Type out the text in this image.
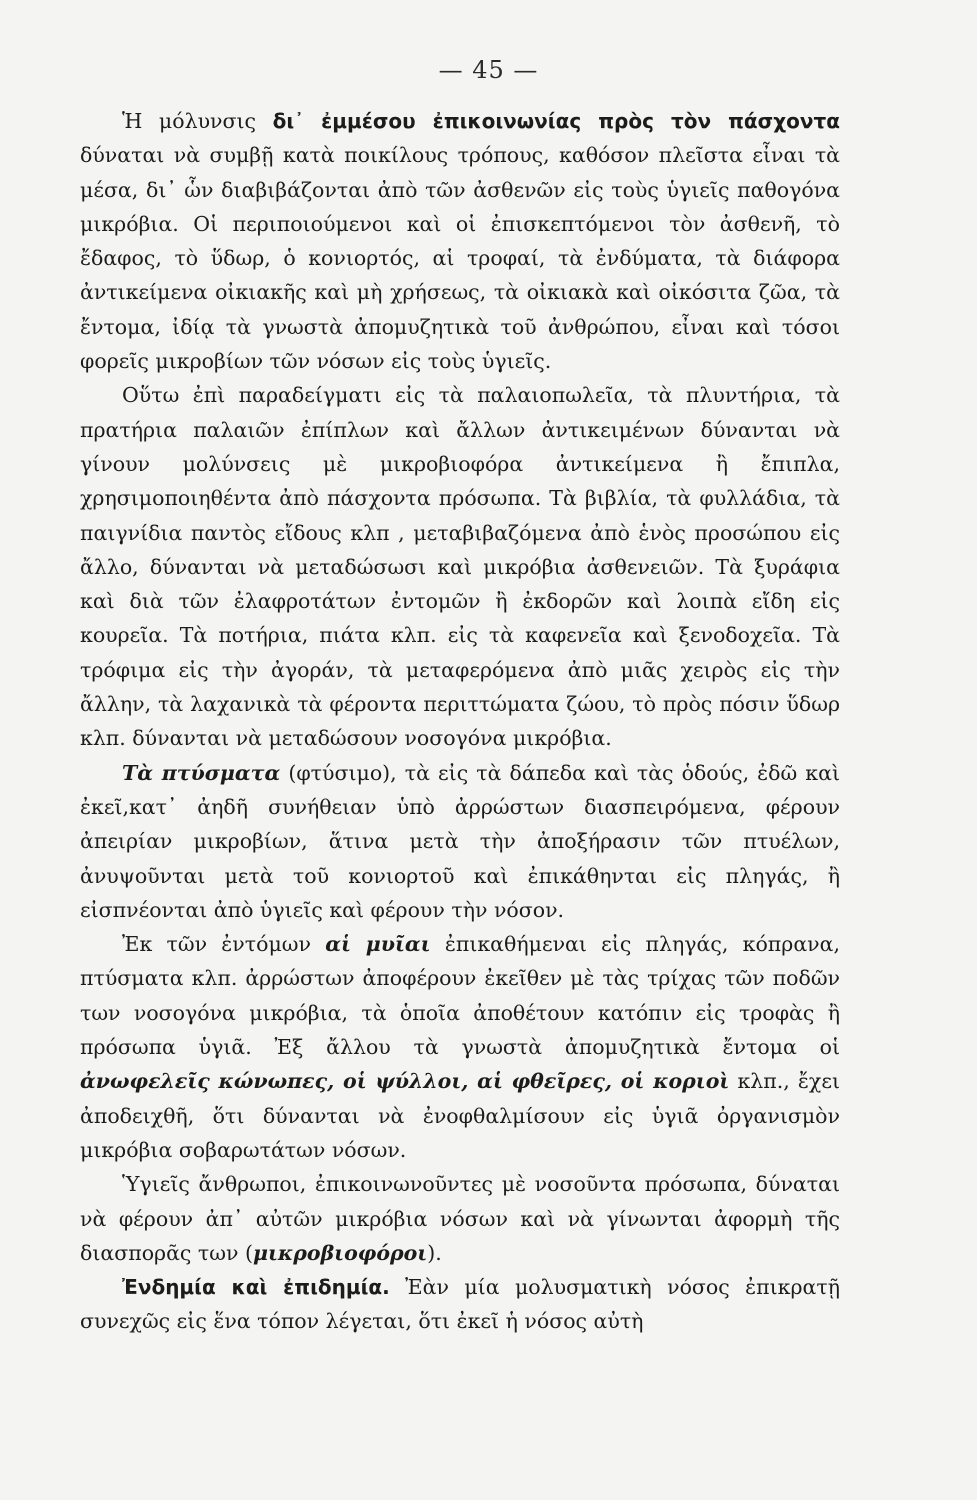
— 45 —

Ἡ μόλυνσις δι᾽ ἐμμέσου ἐπικοινωνίας πρὸς τὸν πάσχοντα δύναται νὰ συμβῇ κατὰ ποικίλους τρόπους, καθόσον πλεῖστα εἶναι τὰ μέσα, δι᾽ ὧν διαβιβάζονται ἀπὸ τῶν ἀσθενῶν εἰς τοὺς ὑγιεῖς παθογόνα μικρόβια. Οἱ περιποιούμενοι καὶ οἱ ἐπισκεπτόμενοι τὸν ἀσθενῆ, τὸ ἔδαφος, τὸ ὕδωρ, ὁ κονιορτός, αἱ τροφαί, τὰ ἐνδύματα, τὰ διάφορα ἀντικείμενα οἰκιακῆς καὶ μὴ χρήσεως, τὰ οἰκιακὰ καὶ οἰκόσιτα ζῶα, τὰ ἔντομα, ἰδίᾳ τὰ γνωστὰ ἀπομυζητικὰ τοῦ ἀνθρώπου, εἶναι καὶ τόσοι φορεῖς μικροβίων τῶν νόσων εἰς τοὺς ὑγιεῖς.

Οὕτω ἐπὶ παραδείγματι εἰς τὰ παλαιοπωλεῖα, τὰ πλυντήρια, τὰ πρατήρια παλαιῶν ἐπίπλων καὶ ἄλλων ἀντικειμένων δύνανται νὰ γίνουν μολύνσεις μὲ μικροβιοφόρα ἀντικείμενα ἢ ἔπιπλα, χρησιμοποιηθέντα ἀπὸ πάσχοντα πρόσωπα. Τὰ βιβλία, τὰ φυλλάδια, τὰ παιγνίδια παντὸς εἴδους κλπ , μεταβιβαζόμενα ἀπὸ ἑνὸς προσώπου εἰς ἄλλο, δύνανται νὰ μεταδώσωσι καὶ μικρόβια ἀσθενειῶν. Τὰ ξυράφια καὶ διὰ τῶν ἐλαφροτάτων ἐντομῶν ἢ ἐκδορῶν καὶ λοιπὰ εἴδη εἰς κουρεῖα. Τὰ ποτήρια, πιάτα κλπ. εἰς τὰ καφενεῖα καὶ ξενοδοχεῖα. Τὰ τρόφιμα εἰς τὴν ἀγοράν, τὰ μεταφερόμενα ἀπὸ μιᾶς χειρὸς εἰς τὴν ἄλλην, τὰ λαχανικὰ τὰ φέροντα περιττώματα ζώου, τὸ πρὸς πόσιν ὕδωρ κλπ. δύνανται νὰ μεταδώσουν νοσογόνα μικρόβια.

Τὰ πτύσματα (φτύσιμο), τὰ εἰς τὰ δάπεδα καὶ τὰς ὁδούς, ἐδῶ καὶ ἐκεῖ,κατ᾽ ἀηδῆ συνήθειαν ὑπὸ ἀρρώστων διασπειρόμενα, φέρουν ἀπειρίαν μικροβίων, ἅτινα μετὰ τὴν ἀποξήρασιν τῶν πτυέλων, ἀνυψοῦνται μετὰ τοῦ κονιορτοῦ καὶ ἐπικάθηνται εἰς πληγάς, ἢ εἰσπνέονται ἀπὸ ὑγιεῖς καὶ φέρουν τὴν νόσον.

Ἐκ τῶν ἐντόμων αἱ μυῖαι ἐπικαθήμεναι εἰς πληγάς, κόπρανα, πτύσματα κλπ. ἀρρώστων ἀποφέρουν ἐκεῖθεν μὲ τὰς τρίχας τῶν ποδῶν των νοσογόνα μικρόβια, τὰ ὁποῖα ἀποθέτουν κατόπιν εἰς τροφὰς ἢ πρόσωπα ὑγιᾶ. Ἐξ ἄλλου τὰ γνωστὰ ἀπομυζητικὰ ἔντομα οἱ ἀνωφελεῖς κώνωπες, οἱ ψύλλοι, αἱ φθεῖρες, οἱ κοριοὶ κλπ., ἔχει ἀποδειχθῆ, ὅτι δύνανται νὰ ἐνοφθαλμίσουν εἰς ὑγιᾶ ὀργανισμὸν μικρόβια σοβαρωτάτων νόσων.

Ὑγιεῖς ἄνθρωποι, ἐπικοινωνοῦντες μὲ νοσοῦντα πρόσωπα, δύναται νὰ φέρουν ἀπ᾽ αὐτῶν μικρόβια νόσων καὶ νὰ γίνωνται ἀφορμὴ τῆς διασπορᾶς των (μικροβιοφόροι).

Ἐνδημία καὶ ἐπιδημία. Ἐὰν μία μολυσματικὴ νόσος ἐπικρατῇ συνεχῶς εἰς ἕνα τόπον λέγεται, ὅτι ἐκεῖ ἡ νόσος αὐτὴ
